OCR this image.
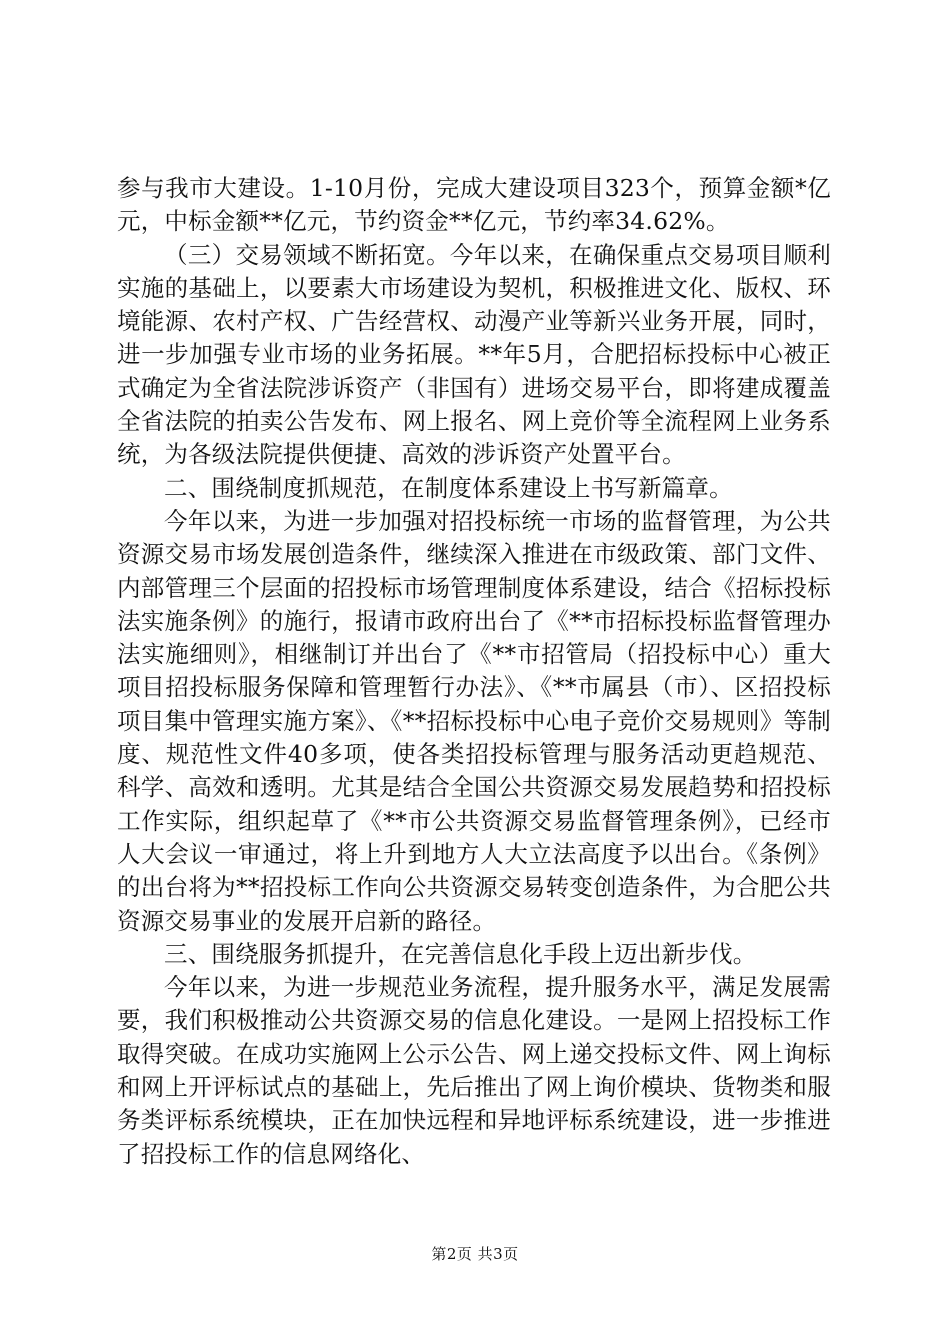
参与我市大建设。1-10月份，完成大建设项目323个，预算金额*亿元，中标金额**亿元，节约资金**亿元，节约率34.62%。

（三）交易领域不断拓宽。今年以来，在确保重点交易项目顺利实施的基础上，以要素大市场建设为契机，积极推进文化、版权、环境能源、农村产权、广告经营权、动漫产业等新兴业务开展，同时，进一步加强专业市场的业务拓展。**年5月，合肥招标投标中心被正式确定为全省法院涉诉资产（非国有）进场交易平台，即将建成覆盖全省法院的拍卖公告发布、网上报名、网上竞价等全流程网上业务系统，为各级法院提供便捷、高效的涉诉资产处置平台。

二、围绕制度抓规范，在制度体系建设上书写新篇章。

今年以来，为进一步加强对招投标统一市场的监督管理，为公共资源交易市场发展创造条件，继续深入推进在市级政策、部门文件、内部管理三个层面的招投标市场管理制度体系建设，结合《招标投标法实施条例》的施行，报请市政府出台了《**市招标投标监督管理办法实施细则》，相继制订并出台了《**市招管局（招投标中心）重大项目招投标服务保障和管理暂行办法》、《**市属县（市）、区招投标项目集中管理实施方案》、《**招标投标中心电子竞价交易规则》等制度、规范性文件40多项，使各类招投标管理与服务活动更趋规范、科学、高效和透明。尤其是结合全国公共资源交易发展趋势和招投标工作实际，组织起草了《**市公共资源交易监督管理条例》，已经市人大会议一审通过，将上升到地方人大立法高度予以出台。《条例》的出台将为**招投标工作向公共资源交易转变创造条件，为合肥公共资源交易事业的发展开启新的路径。

三、围绕服务抓提升，在完善信息化手段上迈出新步伐。

今年以来，为进一步规范业务流程，提升服务水平，满足发展需要，我们积极推动公共资源交易的信息化建设。一是网上招投标工作取得突破。在成功实施网上公示公告、网上递交投标文件、网上询标和网上开评标试点的基础上，先后推出了网上询价模块、货物类和服务类评标系统模块，正在加快远程和异地评标系统建设，进一步推进了招投标工作的信息网络化、

第2页 共3页
